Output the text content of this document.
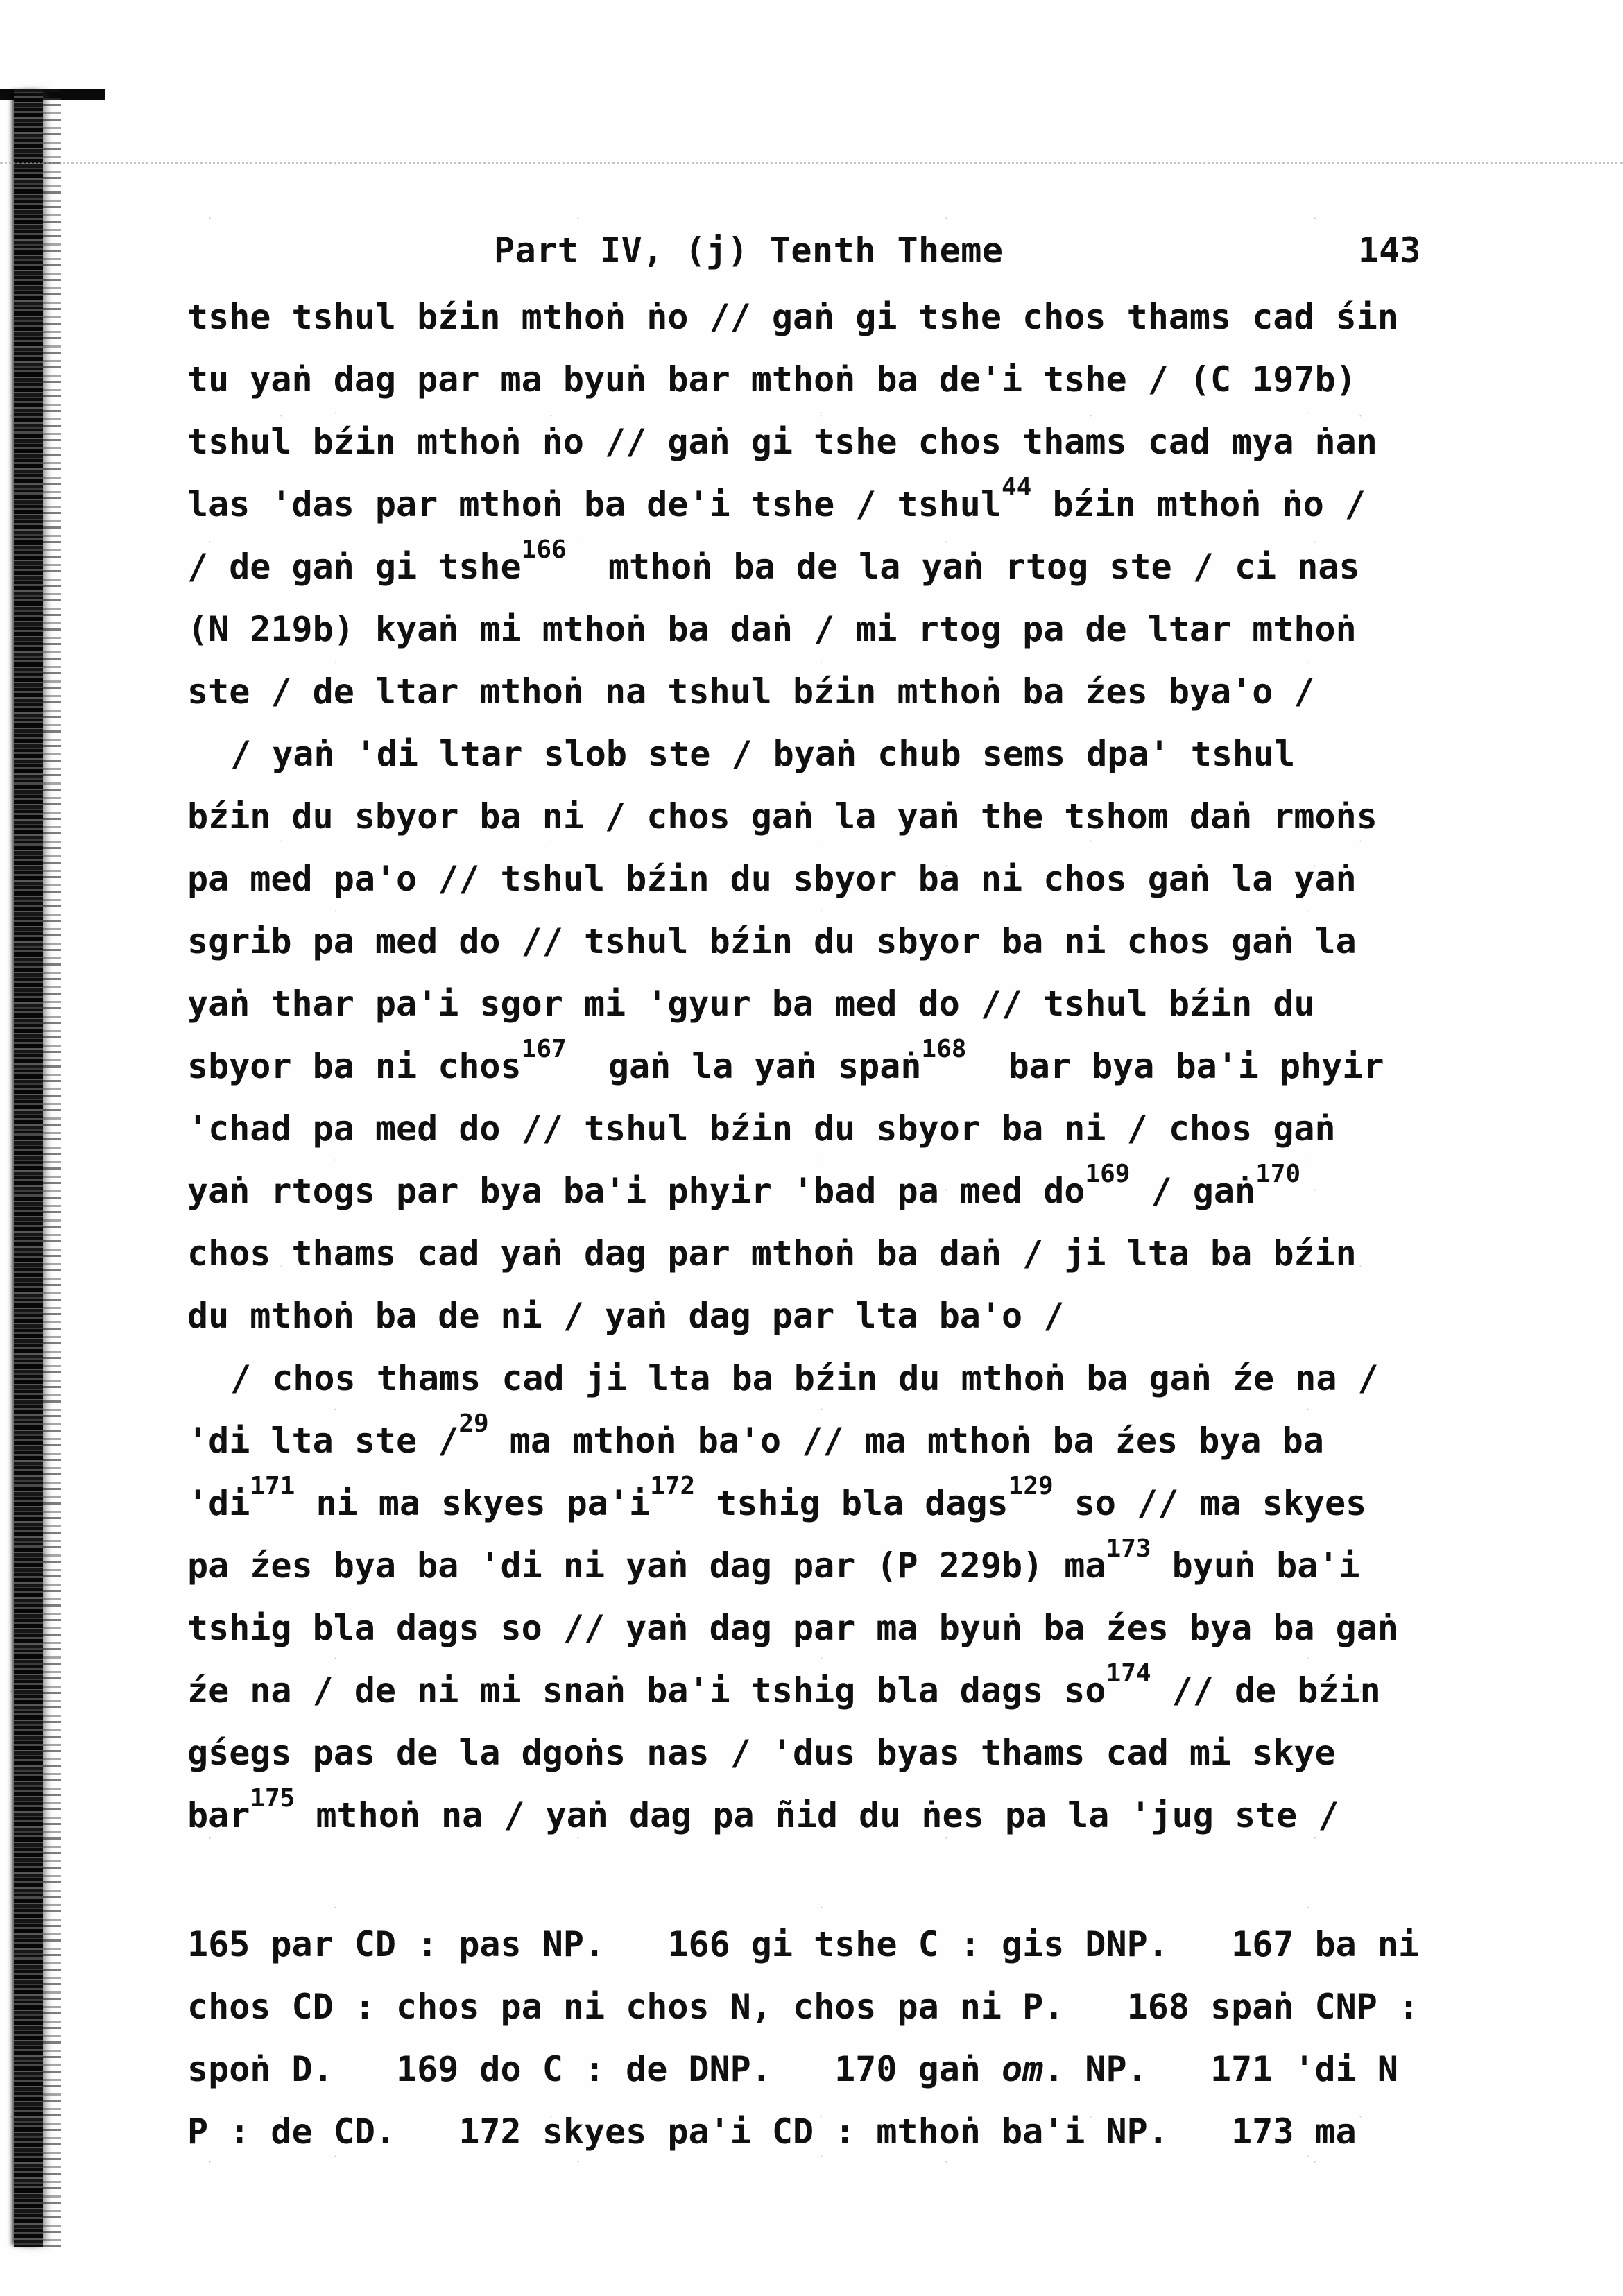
Part IV, (j) Tenth Theme	143
tshe tshul bźin mthoṅ ṅo // gaṅ gi tshe chos thams cad śin
tu yaṅ dag par ma byuṅ bar mthoṅ ba de'i tshe / (C 197b)
tshul bźin mthoṅ ṅo // gaṅ gi tshe chos thams cad mya ṅan
las 'das par mthoṅ ba de'i tshe / tshul$^{44}$ bźin mthoṅ ṅo /
/ de gaṅ gi tshe$^{166}$  mthoṅ ba de la yaṅ rtog ste / ci nas
(N 219b) kyaṅ mi mthoṅ ba daṅ / mi rtog pa de ltar mthoṅ
ste / de ltar mthoṅ na tshul bźin mthoṅ ba źes bya'o /
/ yaṅ 'di ltar slob ste / byaṅ chub sems dpa' tshul
bźin du sbyor ba ni / chos gaṅ la yaṅ the tshom daṅ rmoṅs
pa med pa'o // tshul bźin du sbyor ba ni chos gaṅ la yaṅ
sgrib pa med do // tshul bźin du sbyor ba ni chos gaṅ la
yaṅ thar pa'i sgor mi 'gyur ba med do // tshul bźin du
sbyor ba ni chos$^{167}$  gaṅ la yaṅ spaṅ$^{168}$  bar bya ba'i phyir
'chad pa med do // tshul bźin du sbyor ba ni / chos gaṅ
yaṅ rtogs par bya ba'i phyir 'bad pa med $do^{169}$ / gaṅ$^{170}$
chos thams cad yaṅ dag par mthoṅ ba daṅ / ji lta ba bźin
du mthoṅ ba de ni / yaṅ dag par lta ba'o /
/ chos thams cad ji lta ba bźin du mthoṅ ba gaṅ źe na /
'di lta ste /$^{29}$ ma mthoṅ ba'o // ma mthoṅ ba źes bya ba
'$di^{171}$ ni ma skyes $pa'i^{172}$ tshig bla dags$^{129}$ so // ma skyes
pa źes bya ba 'di ni yaṅ dag par (P 229b) $ma^{173}$ byuṅ ba'i
tshig bla dags so // yaṅ dag par ma byuṅ ba źes bya ba gaṅ
źe na / de ni mi snaṅ ba'i tshig bla dags $so^{174}$ // de bźin
gśegs pas de la dgoṅs nas / 'dus byas thams cad mi skye
bar$^{175}$ mthoṅ na / yaṅ dag pa ñid du ṅes pa la 'jug ste /
165 par CD : pas NP.   166 gi tshe C : gis DNP.   167 ba ni
chos CD : chos pa ni chos N, chos pa ni P.   168 spaṅ CNP :
spoṅ D.   169 do C : de DNP.   170 gaṅ om. NP.   171 'di N
P : de CD.   172 skyes pa'i CD : mthoṅ ba'i NP.   173 ma
